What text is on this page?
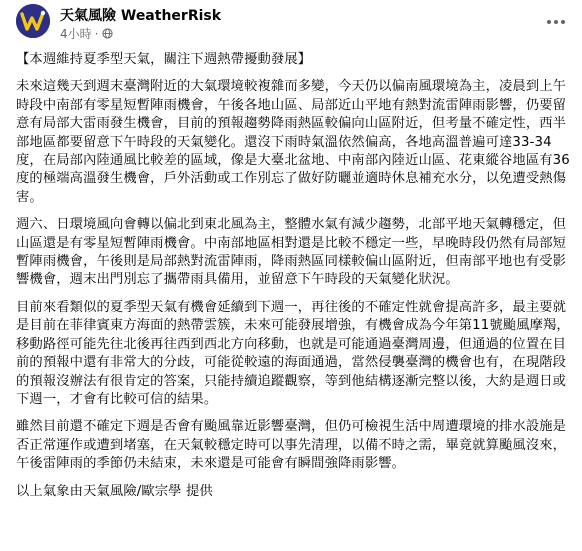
天氣風險 WeatherRisk
4小時 ·

【本週維持夏季型天氣，關注下週熱帶擾動發展】

未來這幾天到週末臺灣附近的大氣環境較複雜而多變，今天仍以偏南風環境為主，凌晨到上午時段中南部有零星短暫陣雨機會，午後各地山區、局部近山平地有熱對流雷陣雨影響，仍要留意有局部大雷雨發生機會，目前的預報趨勢降雨熱區較偏向山區附近，但考量不確定性，西半部地區都要留意下午時段的天氣變化。還沒下雨時氣溫依然偏高，各地高溫普遍可達33-34度，在局部內陸通風比較差的區域，像是大臺北盆地、中南部內陸近山區、花東縱谷地區有36度的極端高溫發生機會，戶外活動或工作別忘了做好防曬並適時休息補充水分，以免遭受熱傷害。

週六、日環境風向會轉以偏北到東北風為主，整體水氣有減少趨勢，北部平地天氣轉穩定，但山區還是有零星短暫陣雨機會。中南部地區相對還是比較不穩定一些，早晚時段仍然有局部短暫陣雨機會，午後則是局部熱對流雷陣雨，降雨熱區同樣較偏山區附近，但南部平地也有受影響機會，週末出門別忘了攜帶雨具備用，並留意下午時段的天氣變化狀況。

目前來看類似的夏季型天氣有機會延續到下週一，再往後的不確定性就會提高許多，最主要就是目前在菲律賓東方海面的熱帶雲簇，未來可能發展增強，有機會成為今年第11號颱風摩羯，移動路徑可能先往北後再往西到西北方向移動，也就是可能通過臺灣周邊，但通過的位置在目前的預報中還有非常大的分歧，可能從較遠的海面通過，當然侵襲臺灣的機會也有，在現階段的預報沒辦法有很肯定的答案，只能持續追蹤觀察，等到他結構逐漸完整以後，大約是週日或下週一，才會有比較可信的結果。

雖然目前還不確定下週是否會有颱風靠近影響臺灣，但仍可檢視生活中周遭環境的排水設施是否正常運作或遭到堵塞，在天氣較穩定時可以事先清理，以備不時之需，畢竟就算颱風沒來，午後雷陣雨的季節仍未結束，未來還是可能會有瞬間強降雨影響。

以上氣象由天氣風險/歐宗學 提供
